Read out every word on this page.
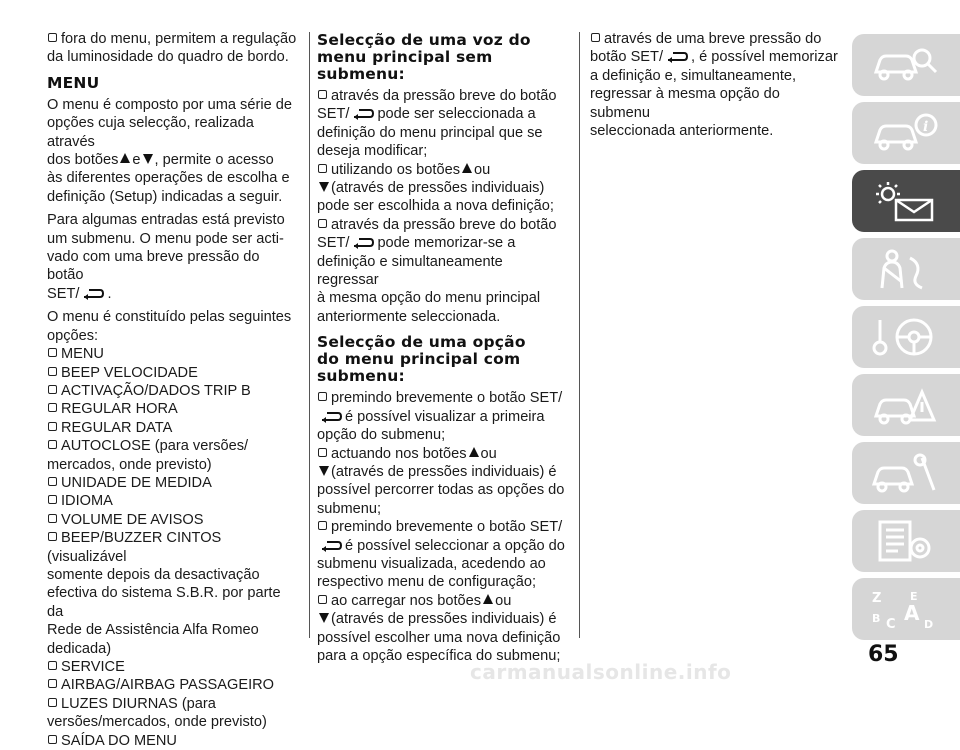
fora do menu, permitem a regulação
da luminosidade do quadro de bordo.
MENU
O menu é composto por uma série de
opções cuja selecção, realizada através
dos botões e , permite o acesso
às diferentes operações de escolha e
definição (Setup) indicadas a seguir.
Para algumas entradas está previsto
um submenu. O menu pode ser acti-
vado com uma breve pressão do botão
SET/ .
O menu é constituído pelas seguintes
opções:
MENU
BEEP VELOCIDADE
ACTIVAÇÃO/DADOS TRIP B
REGULAR HORA
REGULAR DATA
AUTOCLOSE (para versões/
mercados, onde previsto)
UNIDADE DE MEDIDA
IDIOMA
VOLUME DE AVISOS
BEEP/BUZZER CINTOS (visualizável
somente depois da desactivação
efectiva do sistema S.B.R. por parte da
Rede de Assistência Alfa Romeo
dedicada)
SERVICE
AIRBAG/AIRBAG PASSAGEIRO
LUZES DIURNAS (para
versões/mercados, onde previsto)
SAÍDA DO MENU
Selecção de uma voz do
menu principal sem
submenu:
através da pressão breve do botão
SET/ pode ser seleccionada a
definição do menu principal que se
deseja modificar;
utilizando os botões ou
(através de pressões individuais)
pode ser escolhida a nova definição;
através da pressão breve do botão
SET/ pode memorizar-se a
definição e simultaneamente regressar
à mesma opção do menu principal
anteriormente seleccionada.
Selecção de uma opção
do menu principal com
submenu:
premindo brevemente o botão SET/
é possível visualizar a primeira
opção do submenu;
actuando nos botões ou
(através de pressões individuais) é
possível percorrer todas as opções do
submenu;
premindo brevemente o botão SET/
é possível seleccionar a opção do
submenu visualizada, acedendo ao
respectivo menu de configuração;
ao carregar nos botões ou
(através de pressões individuais) é
possível escolher uma nova definição
para a opção específica do submenu;
através de uma breve pressão do
botão SET/ , é possível memorizar
a definição e, simultaneamente,
regressar à mesma opção do submenu
seleccionada anteriormente.	i
Z	E
B C A D
65
carmanualsonline.info
